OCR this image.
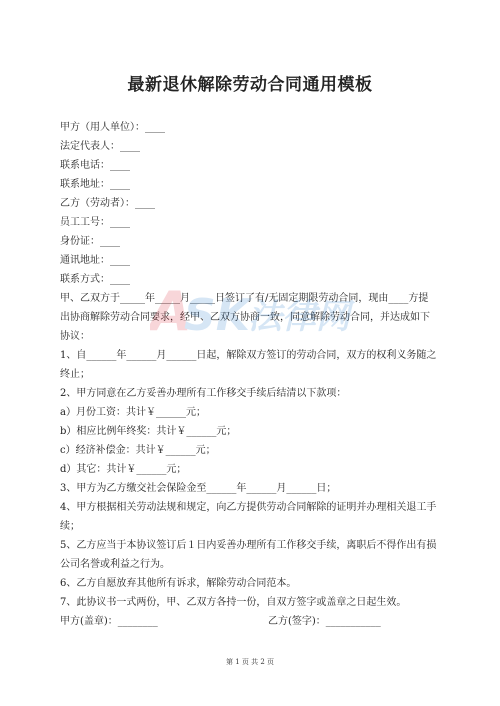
最新退休解除劳动合同通用模板
甲方（用人单位）：____
法定代表人：____
联系电话：____
联系地址：____
乙方（劳动者）：____
员工工号：____
身份证：____
通讯地址：____
联系方式：____
甲、乙双方于_____年_____月_____日签订了有/无固定期限劳动合同，现由____方提
出协商解除劳动合同要求，经甲、乙双方协商一致，同意解除劳动合同，并达成如下
协议：
1、自______年______月______日起，解除双方签订的劳动合同，双方的权利义务随之
终止；
2、甲方同意在乙方妥善办理所有工作移交手续后结清以下款项：
a）月份工资：共计￥______元；
b）相应比例年终奖：共计￥______元；
c）经济补偿金：共计￥______元；
d）其它：共计￥______元；
3、甲方为乙方缴交社会保险金至______年______月______日；
4、甲方根据相关劳动法规和规定，向乙方提供劳动合同解除的证明并办理相关退工手
续；
5、乙方应当于本协议签订后１日内妥善办理所有工作移交手续，离职后不得作出有损
公司名誉或利益之行为。
6、乙方自愿放弃其他所有诉求，解除劳动合同范本。
7、此协议书一式两份，甲、乙双方各持一份，自双方签字或盖章之日起生效。
甲方(盖章)：________	乙方(签字)：___________
A
SK
法律网
第 1 页 共 2 页
